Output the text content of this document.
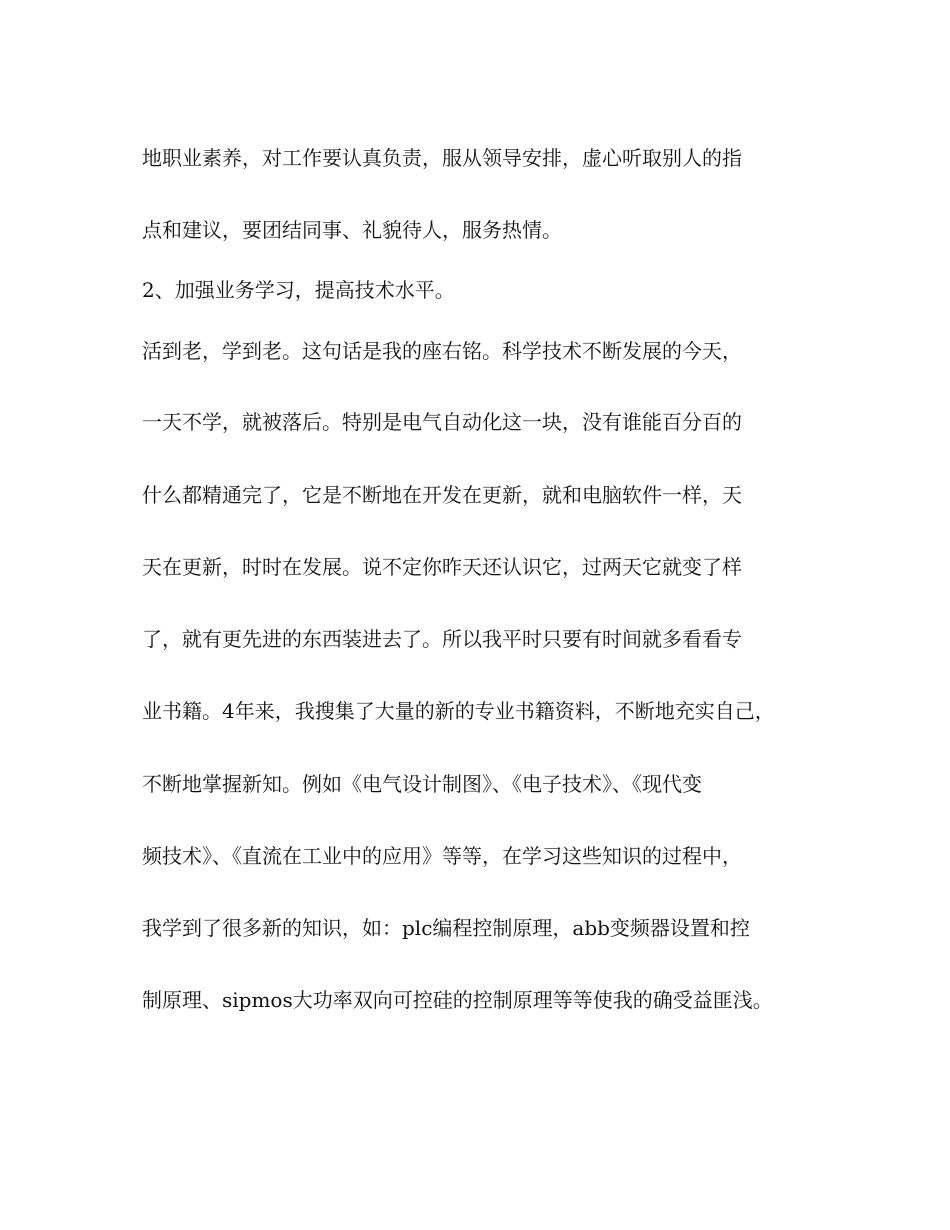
地职业素养，对工作要认真负责，服从领导安排，虚心听取别人的指

点和建议，要团结同事、礼貌待人，服务热情。

2、加强业务学习，提高技术水平。

活到老，学到老。这句话是我的座右铭。科学技术不断发展的今天，

一天不学，就被落后。特别是电气自动化这一块，没有谁能百分百的

什么都精通完了，它是不断地在开发在更新，就和电脑软件一样，天

天在更新，时时在发展。说不定你昨天还认识它，过两天它就变了样

了，就有更先进的东西装进去了。所以我平时只要有时间就多看看专

业书籍。4年来，我搜集了大量的新的专业书籍资料，不断地充实自己，

不断地掌握新知。例如《电气设计制图》、《电子技术》、《现代变

频技术》、《直流在工业中的应用》等等，在学习这些知识的过程中，

我学到了很多新的知识，如：plc编程控制原理，abb变频器设置和控

制原理、sipmos大功率双向可控硅的控制原理等等使我的确受益匪浅。
